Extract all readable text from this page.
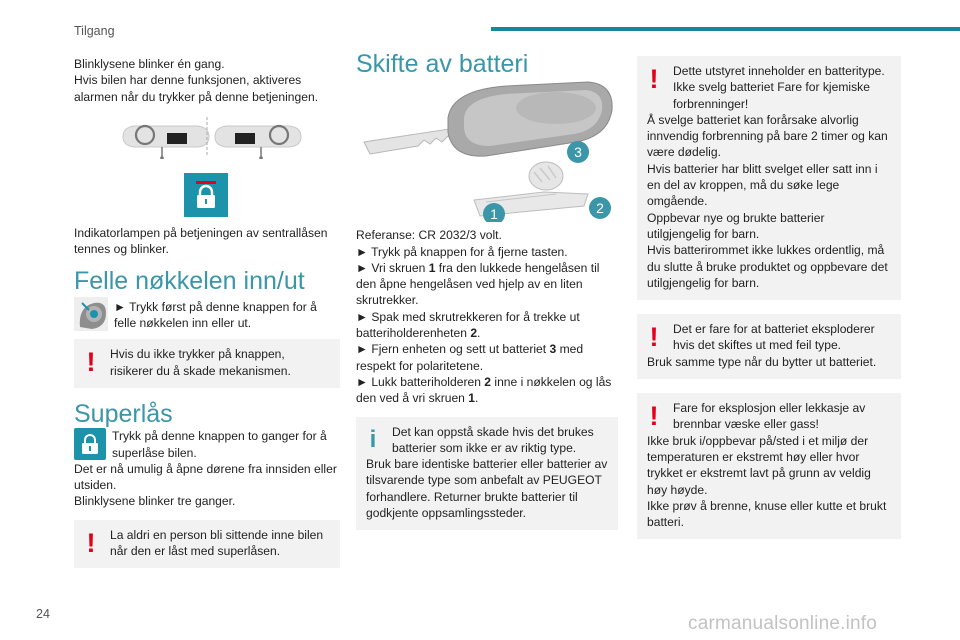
Tilgang

Blinklysene blinker én gang.

Hvis bilen har denne funksjonen, aktiveres alarmen når du trykker på denne betjeningen.

Indikatorlampen på betjeningen av sentrallåsen tennes og blinker.

Felle nøkkelen inn/ut

► Trykk først på denne knappen for å felle nøkkelen inn eller ut.

! Hvis du ikke trykker på knappen, risikerer du å skade mekanismen.

Superlås

Trykk på denne knappen to ganger for å superlåse bilen.

Det er nå umulig å åpne dørene fra innsiden eller utsiden.

Blinklysene blinker tre ganger.

! La aldri en person bli sittende inne bilen når den er låst med superlåsen.

Skifte av batteri
3
2
1

Referanse: CR 2032/3 volt.

► Trykk på knappen for å fjerne tasten.

► Vri skruen 1 fra den lukkede hengelåsen til den åpne hengelåsen ved hjelp av en liten skrutrekker.

► Spak med skrutrekkeren for å trekke ut batteriholderenheten 2.

► Fjern enheten og sett ut batteriet 3 med respekt for polaritetene.

► Lukk batteriholderen 2 inne i nøkkelen og lås den ved å vri skruen 1.

i Det kan oppstå skade hvis det brukes batterier som ikke er av riktig type.

Bruk bare identiske batterier eller batterier av tilsvarende type som anbefalt av PEUGEOT forhandlere. Returner brukte batterier til godkjente oppsamlingssteder.

! Dette utstyret inneholder en batteritype. Ikke svelg batteriet Fare for kjemiske forbrenninger!

Å svelge batteriet kan forårsake alvorlig innvendig forbrenning på bare 2 timer og kan være dødelig.

Hvis batterier har blitt svelget eller satt inn i en del av kroppen, må du søke lege omgående.

Oppbevar nye og brukte batterier utilgjengelig for barn.

Hvis batterirommet ikke lukkes ordentlig, må du slutte å bruke produktet og oppbevare det utilgjengelig for barn.

! Det er fare for at batteriet eksploderer hvis det skiftes ut med feil type.

Bruk samme type når du bytter ut batteriet.

! Fare for eksplosjon eller lekkasje av brennbar væske eller gass!

Ikke bruk i/oppbevar på/sted i et miljø der temperaturen er ekstremt høy eller hvor trykket er ekstremt lavt på grunn av veldig høy høyde.

Ikke prøv å brenne, knuse eller kutte et brukt batteri.

24	carmanualsonline.info
